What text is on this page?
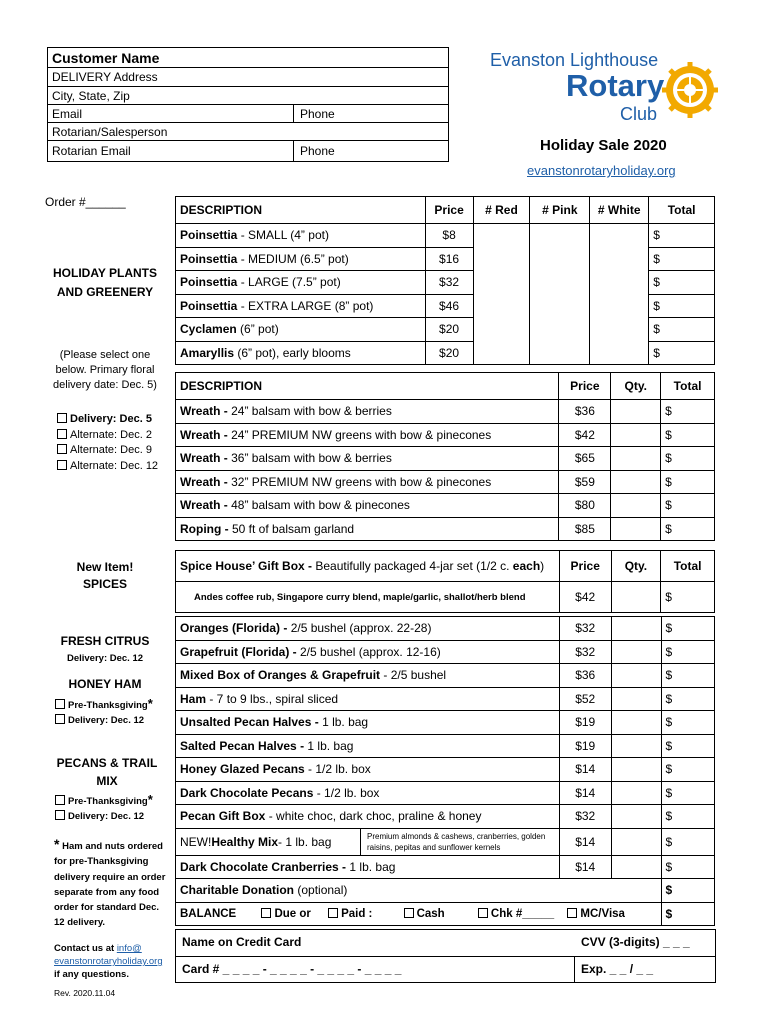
Customer Name
DELIVERY Address
City, State, Zip
Email	Phone
Rotarian/Salesperson
Rotarian Email	Phone
Evanston Lighthouse
Rotary
Club
Holiday Sale 2020
evanstonrotaryholiday.org
Order #______
HOLIDAY PLANTS AND GREENERY
(Please select one below. Primary floral delivery date: Dec. 5)
Delivery: Dec. 5
Alternate: Dec. 2
Alternate: Dec. 9
Alternate: Dec. 12
New Item! SPICES
FRESH CITRUS
Delivery: Dec. 12
HONEY HAM
Pre-Thanksgiving*
Delivery: Dec. 12
PECANS & TRAIL MIX
Pre-Thanksgiving*
Delivery: Dec. 12
* Ham and nuts ordered for pre-Thanksgiving delivery require an order separate from any food order for standard Dec. 12 delivery.
Contact us at info@ evanstonrotaryholiday.org
if any questions.
Rev. 2020.11.04
DESCRIPTION	Price	# Red	# Pink	# White	Total
Poinsettia - SMALL (4” pot)	$8				$
Poinsettia - MEDIUM (6.5” pot)	$16				$
Poinsettia - LARGE (7.5” pot)	$32				$
Poinsettia - EXTRA LARGE (8” pot)	$46				$
Cyclamen (6” pot)	$20				$
Amaryllis (6” pot), early blooms	$20				$
DESCRIPTION	Price	Qty.	Total
Wreath - 24” balsam with bow & berries	$36		$
Wreath - 24” PREMIUM NW greens with bow & pinecones	$42		$
Wreath - 36” balsam with bow & berries	$65		$
Wreath - 32” PREMIUM NW greens with bow & pinecones	$59		$
Wreath - 48” balsam with bow & pinecones	$80		$
Roping - 50 ft of balsam garland	$85		$
Spice House’ Gift Box - Beautifully packaged 4-jar set (1/2 c. each)	Price	Qty.	Total
Andes coffee rub, Singapore curry blend, maple/garlic, shallot/herb blend	$42		$
Oranges (Florida) - 2/5 bushel (approx. 22-28)	$32		$
Grapefruit (Florida) - 2/5 bushel (approx. 12-16)	$32		$
Mixed Box of Oranges & Grapefruit - 2/5 bushel	$36		$
Ham - 7 to 9 lbs., spiral sliced	$52		$
Unsalted Pecan Halves - 1 lb. bag	$19		$
Salted Pecan Halves - 1 lb. bag	$19		$
Honey Glazed Pecans - 1/2 lb. box	$14		$
Dark Chocolate Pecans - 1/2 lb. box	$14		$
Pecan Gift Box - white choc, dark choc, praline & honey	$32		$

NEW! Healthy Mix - 1 lb. bag Premium almonds & cashews, cranberries, golden raisins, pepitas and sunflower kernels	$14		$
Dark Chocolate Cranberries - 1 lb. bag	$14		$
Charitable Donation (optional)			$
BALANCE Due or Paid : Cash Chk #_____ MC/Visa			$
Name on Credit Card	CVV (3-digits) _ _ _
Card # _ _ _ _ - _ _ _ _ - _ _ _ _ - _ _ _ _	Exp. _ _ / _ _
